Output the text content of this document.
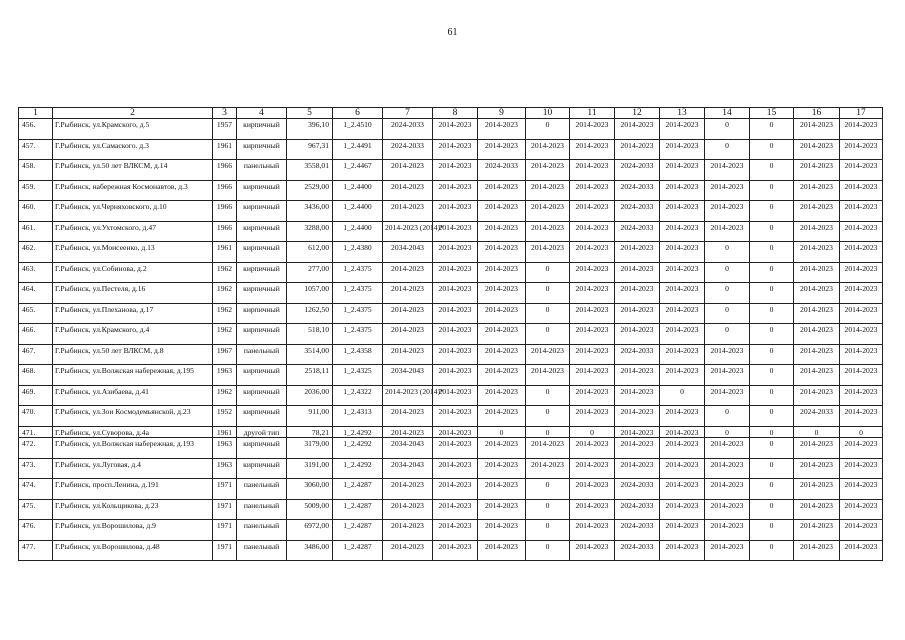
61
1	2	3	4	5	6	7	8	9	10	11	12	13	14	15	16	17
456.	Г.Рыбинск, ул.Крамского, д.5	1957	кирпичный	396,10	1_2.4510	2024-2033	2014-2023	2014-2023	0	2014-2023	2014-2023	2014-2023	0	0	2014-2023	2014-2023
457.	Г.Рыбинск, ул.Самаского. д.3	1961	кирпичный	967,31	1_2.4491	2024-2033	2014-2023	2014-2023	2014-2023	2014-2023	2014-2023	2014-2023	0	0	2014-2023	2014-2023
458.	Г.Рыбинск, ул.50 лет ВЛКСМ, д.14	1966	панельный	3558,01	1_2.4467	2014-2023	2014-2023	2024-2033	2014-2023	2014-2023	2024-2033	2014-2023	2014-2023	0	2014-2023	2014-2023
459.	Г.Рыбинск, набережная Космонавтов, д.3	1966	кирпичный	2529,00	1_2.4400	2014-2023	2014-2023	2014-2023	2014-2023	2014-2023	2024-2033	2014-2023	2014-2023	0	2014-2023	2014-2023
460.	Г.Рыбинск, ул.Черняховского, д.10	1966	кирпичный	3436,00	1_2.4400	2014-2023	2014-2023	2014-2023	2014-2023	2014-2023	2024-2033	2014-2023	2014-2023	0	2014-2023	2014-2023
461.	Г.Рыбинск, ул.Ухтомского, д.47	1966	кирпичный	3288,00	1_2.4400	2014-2023 (2014)*	2014-2023	2014-2023	2014-2023	2014-2023	2024-2033	2014-2023	2014-2023	0	2014-2023	2014-2023
462.	Г.Рыбинск, ул.Моисеенко, д.13	1961	кирпичный	612,00	1_2.4380	2034-2043	2014-2023	2014-2023	2014-2023	2014-2023	2014-2023	2014-2023	0	0	2014-2023	2014-2023
463.	Г.Рыбинск, ул.Собинова, д.2	1962	кирпичный	277,00	1_2.4375	2014-2023	2014-2023	2014-2023	0	2014-2023	2014-2023	2014-2023	0	0	2014-2023	2014-2023
464.	Г.Рыбинск, ул.Пестеля, д.16	1962	кирпичный	1057,00	1_2.4375	2014-2023	2014-2023	2014-2023	0	2014-2023	2014-2023	2014-2023	0	0	2014-2023	2014-2023
465.	Г.Рыбинск, ул.Плеханова, д.17	1962	кирпичный	1262,50	1_2.4375	2014-2023	2014-2023	2014-2023	0	2014-2023	2014-2023	2014-2023	0	0	2014-2023	2014-2023
466.	Г.Рыбинск, ул.Крамского, д.4	1962	кирпичный	518,10	1_2.4375	2014-2023	2014-2023	2014-2023	0	2014-2023	2014-2023	2014-2023	0	0	2014-2023	2014-2023
467.	Г.Рыбинск, ул.50 лет ВЛКСМ, д.8	1967	панельный	3514,00	1_2.4358	2014-2023	2014-2023	2014-2023	2014-2023	2014-2023	2024-2033	2014-2023	2014-2023	0	2014-2023	2014-2023
468.	Г.Рыбинск, ул.Волжская набережная, д.195	1963	кирпичный	2518,11	1_2.4325	2034-2043	2014-2023	2014-2023	2014-2023	2014-2023	2014-2023	2014-2023	2014-2023	0	2014-2023	2014-2023
469.	Г.Рыбинск, ул.Азибаева, д.41	1962	кирпичный	2036,00	1_2.4322	2014-2023 (2014)*	2014-2023	2014-2023	0	2014-2023	2014-2023	0	2014-2023	0	2014-2023	2014-2023
470.	Г.Рыбинск, ул.Зои Космодемьянской, д.23	1952	кирпичный	911,00	1_2.4313	2014-2023	2014-2023	2014-2023	0	2014-2023	2014-2023	2014-2023	0	0	2024-2033	2014-2023
471.	Г.Рыбинск, ул.Суворова, д.4а	1961	другой тип	78,21	1_2.4292	2014-2023	2014-2023	0	0	0	2014-2023	2014-2023	0	0	0	0
472.	Г.Рыбинск, ул.Волжская набережная, д.193	1963	кирпичный	3179,00	1_2.4292	2034-2043	2014-2023	2014-2023	2014-2023	2014-2023	2014-2023	2014-2023	2014-2023	0	2014-2023	2014-2023
473.	Г.Рыбинск, ул.Луговая, д.4	1963	кирпичный	3191,00	1_2.4292	2034-2043	2014-2023	2014-2023	2014-2023	2014-2023	2014-2023	2014-2023	2014-2023	0	2014-2023	2014-2023
474.	Г.Рыбинск, просп.Ленина, д.191	1971	панельный	3060,00	1_2.4287	2014-2023	2014-2023	2014-2023	0	2014-2023	2024-2033	2014-2023	2014-2023	0	2014-2023	2014-2023
475.	Г.Рыбинск, ул.Кольщикова, д.23	1971	панельный	5009,00	1_2.4287	2014-2023	2014-2023	2014-2023	0	2014-2023	2024-2033	2014-2023	2014-2023	0	2014-2023	2014-2023
476.	Г.Рыбинск, ул.Ворошилова, д.9	1971	панельный	6972,00	1_2.4287	2014-2023	2014-2023	2014-2023	0	2014-2023	2024-2033	2014-2023	2014-2023	0	2014-2023	2014-2023
477.	Г.Рыбинск, ул.Ворошилова, д.48	1971	панельный	3486,00	1_2.4287	2014-2023	2014-2023	2014-2023	0	2014-2023	2024-2033	2014-2023	2014-2023	0	2014-2023	2014-2023
